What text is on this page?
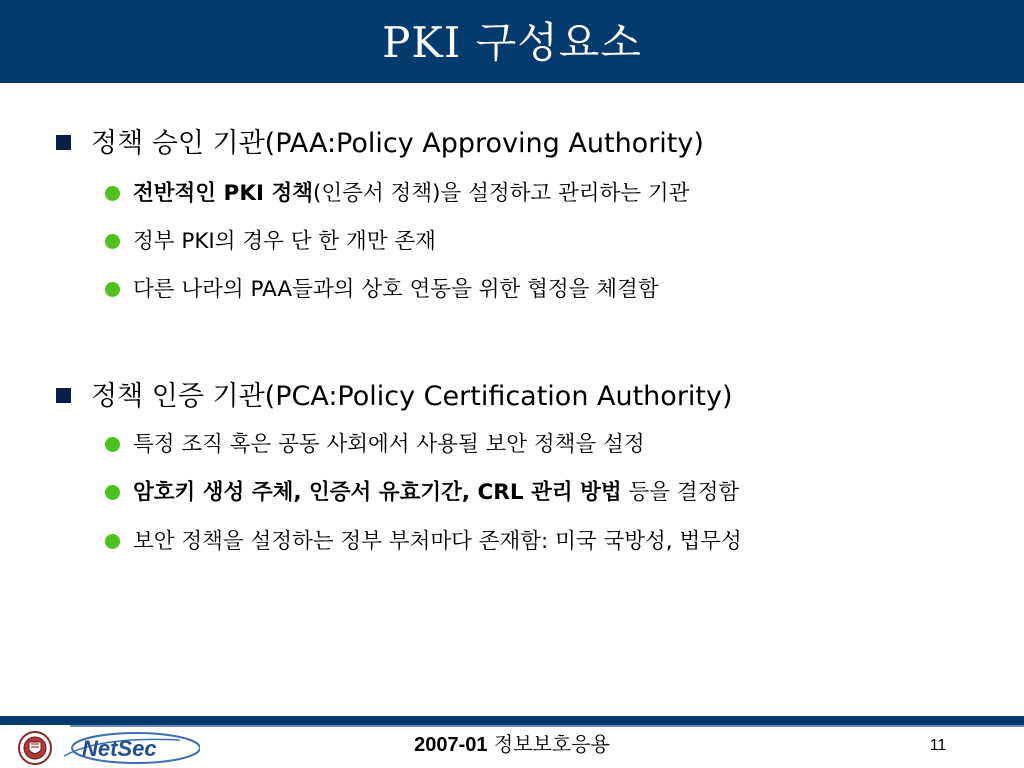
PKI 구성요소
정책 승인 기관(PAA:Policy Approving Authority)
전반적인 PKI 정책(인증서 정책)을 설정하고 관리하는 기관
정부 PKI의 경우 단 한 개만 존재
다른 나라의 PAA들과의 상호 연동을 위한 협정을 체결함
정책 인증 기관(PCA:Policy Certification Authority)
특정 조직 혹은 공동 사회에서 사용될 보안 정책을 설정
암호키 생성 주체, 인증서 유효기간, CRL 관리 방법 등을 결정함
보안 정책을 설정하는 정부 부처마다 존재함: 미국 국방성, 법무성
NetSec	2007-01 정보보호응용	11
